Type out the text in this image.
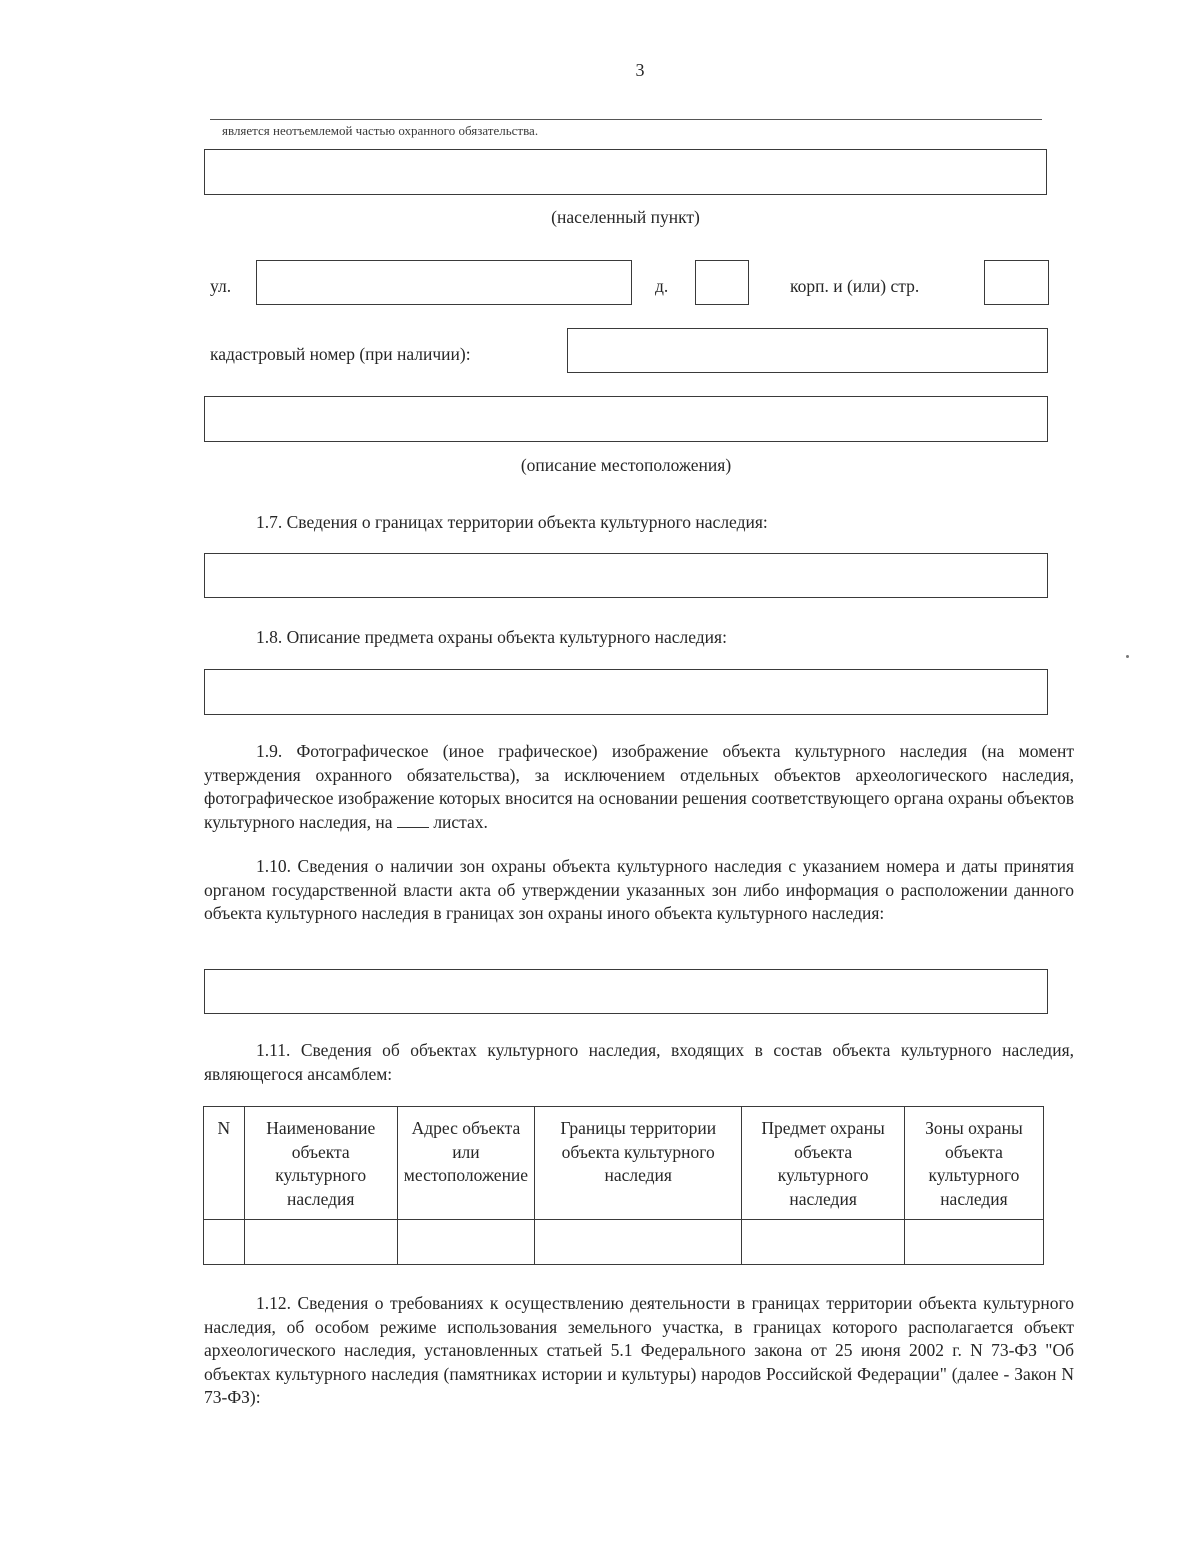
3
является неотъемлемой частью охранного обязательства.
(населенный пункт)
ул.	д.	корп. и (или) стр.
кадастровый номер (при наличии):
(описание местоположения)
1.7. Сведения о границах территории объекта культурного наследия:
1.8. Описание предмета охраны объекта культурного наследия:
1.9. Фотографическое (иное графическое) изображение объекта культурного наследия (на момент утверждения охранного обязательства), за исключением отдельных объектов археологического наследия, фотографическое изображение которых вносится на основании решения соответствующего органа охраны объектов культурного наследия, на листах.
1.10. Сведения о наличии зон охраны объекта культурного наследия с указанием номера и даты принятия органом государственной власти акта об утверждении указанных зон либо информация о расположении данного объекта культурного наследия в границах зон охраны иного объекта культурного наследия:
1.11. Сведения об объектах культурного наследия, входящих в состав объекта культурного наследия, являющегося ансамблем:
N	Наименование объекта культурного наследия	Адрес объекта или местоположение	Границы территории объекта культурного наследия	Предмет охраны объекта культурного наследия	Зоны охраны объекта культурного наследия

1.12. Сведения о требованиях к осуществлению деятельности в границах территории объекта культурного наследия, об особом режиме использования земельного участка, в границах которого располагается объект археологического наследия, установленных статьей 5.1 Федерального закона от 25 июня 2002 г. N 73-ФЗ "Об объектах культурного наследия (памятниках истории и культуры) народов Российской Федерации" (далее - Закон N 73-ФЗ):
